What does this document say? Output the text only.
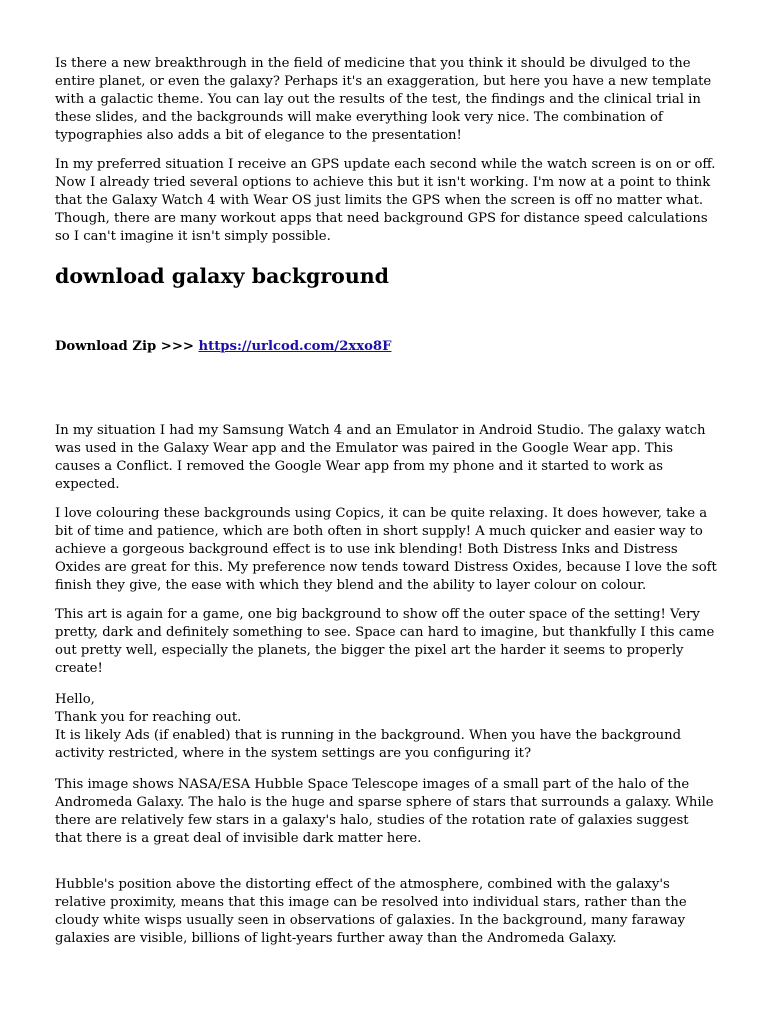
Is there a new breakthrough in the field of medicine that you think it should be divulged to the entire planet, or even the galaxy? Perhaps it's an exaggeration, but here you have a new template with a galactic theme. You can lay out the results of the test, the findings and the clinical trial in these slides, and the backgrounds will make everything look very nice. The combination of typographies also adds a bit of elegance to the presentation!

In my preferred situation I receive an GPS update each second while the watch screen is on or off. Now I already tried several options to achieve this but it isn't working. I'm now at a point to think that the Galaxy Watch 4 with Wear OS just limits the GPS when the screen is off no matter what. Though, there are many workout apps that need background GPS for distance speed calculations so I can't imagine it isn't simply possible.

download galaxy background

Download Zip >>> https://urlcod.com/2xxo8F

In my situation I had my Samsung Watch 4 and an Emulator in Android Studio. The galaxy watch was used in the Galaxy Wear app and the Emulator was paired in the Google Wear app. This causes a Conflict. I removed the Google Wear app from my phone and it started to work as expected.

I love colouring these backgrounds using Copics, it can be quite relaxing. It does however, take a bit of time and patience, which are both often in short supply! A much quicker and easier way to achieve a gorgeous background effect is to use ink blending! Both Distress Inks and Distress Oxides are great for this. My preference now tends toward Distress Oxides, because I love the soft finish they give, the ease with which they blend and the ability to layer colour on colour.

This art is again for a game, one big background to show off the outer space of the setting! Very pretty, dark and definitely something to see. Space can hard to imagine, but thankfully I this came out pretty well, especially the planets, the bigger the pixel art the harder it seems to properly create!

Hello,
Thank you for reaching out.
It is likely Ads (if enabled) that is running in the background. When you have the background activity restricted, where in the system settings are you configuring it?

This image shows NASA/ESA Hubble Space Telescope images of a small part of the halo of the Andromeda Galaxy. The halo is the huge and sparse sphere of stars that surrounds a galaxy. While there are relatively few stars in a galaxy's halo, studies of the rotation rate of galaxies suggest that there is a great deal of invisible dark matter here.

Hubble's position above the distorting effect of the atmosphere, combined with the galaxy's relative proximity, means that this image can be resolved into individual stars, rather than the cloudy white wisps usually seen in observations of galaxies. In the background, many faraway galaxies are visible, billions of light-years further away than the Andromeda Galaxy.
